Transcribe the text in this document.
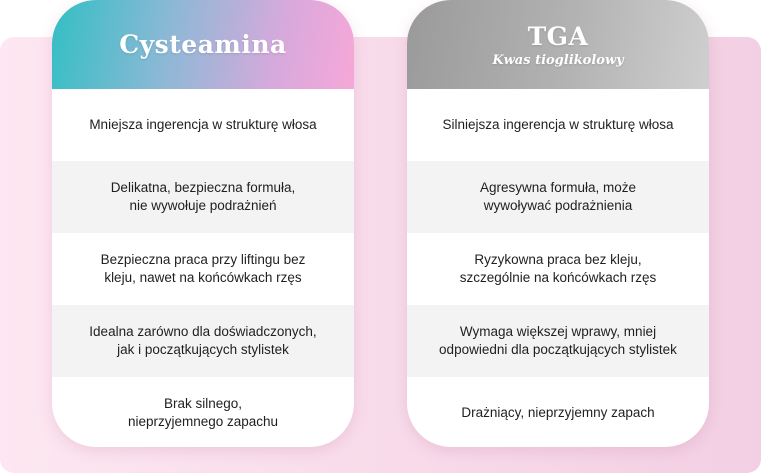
Cysteamina
Mniejsza ingerencja w strukturę włosa
Delikatna, bezpieczna formuła,
nie wywołuje podrażnień
Bezpieczna praca przy liftingu bez
kleju, nawet na końcówkach rzęs
Idealna zarówno dla doświadczonych,
jak i początkujących stylistek
Brak silnego,
nieprzyjemnego zapachu
TGA
Kwas tioglikolowy
Silniejsza ingerencja w strukturę włosa
Agresywna formuła, może
wywoływać podrażnienia
Ryzykowna praca bez kleju,
szczególnie na końcówkach rzęs
Wymaga większej wprawy, mniej
odpowiedni dla początkujących stylistek
Drażniący, nieprzyjemny zapach
